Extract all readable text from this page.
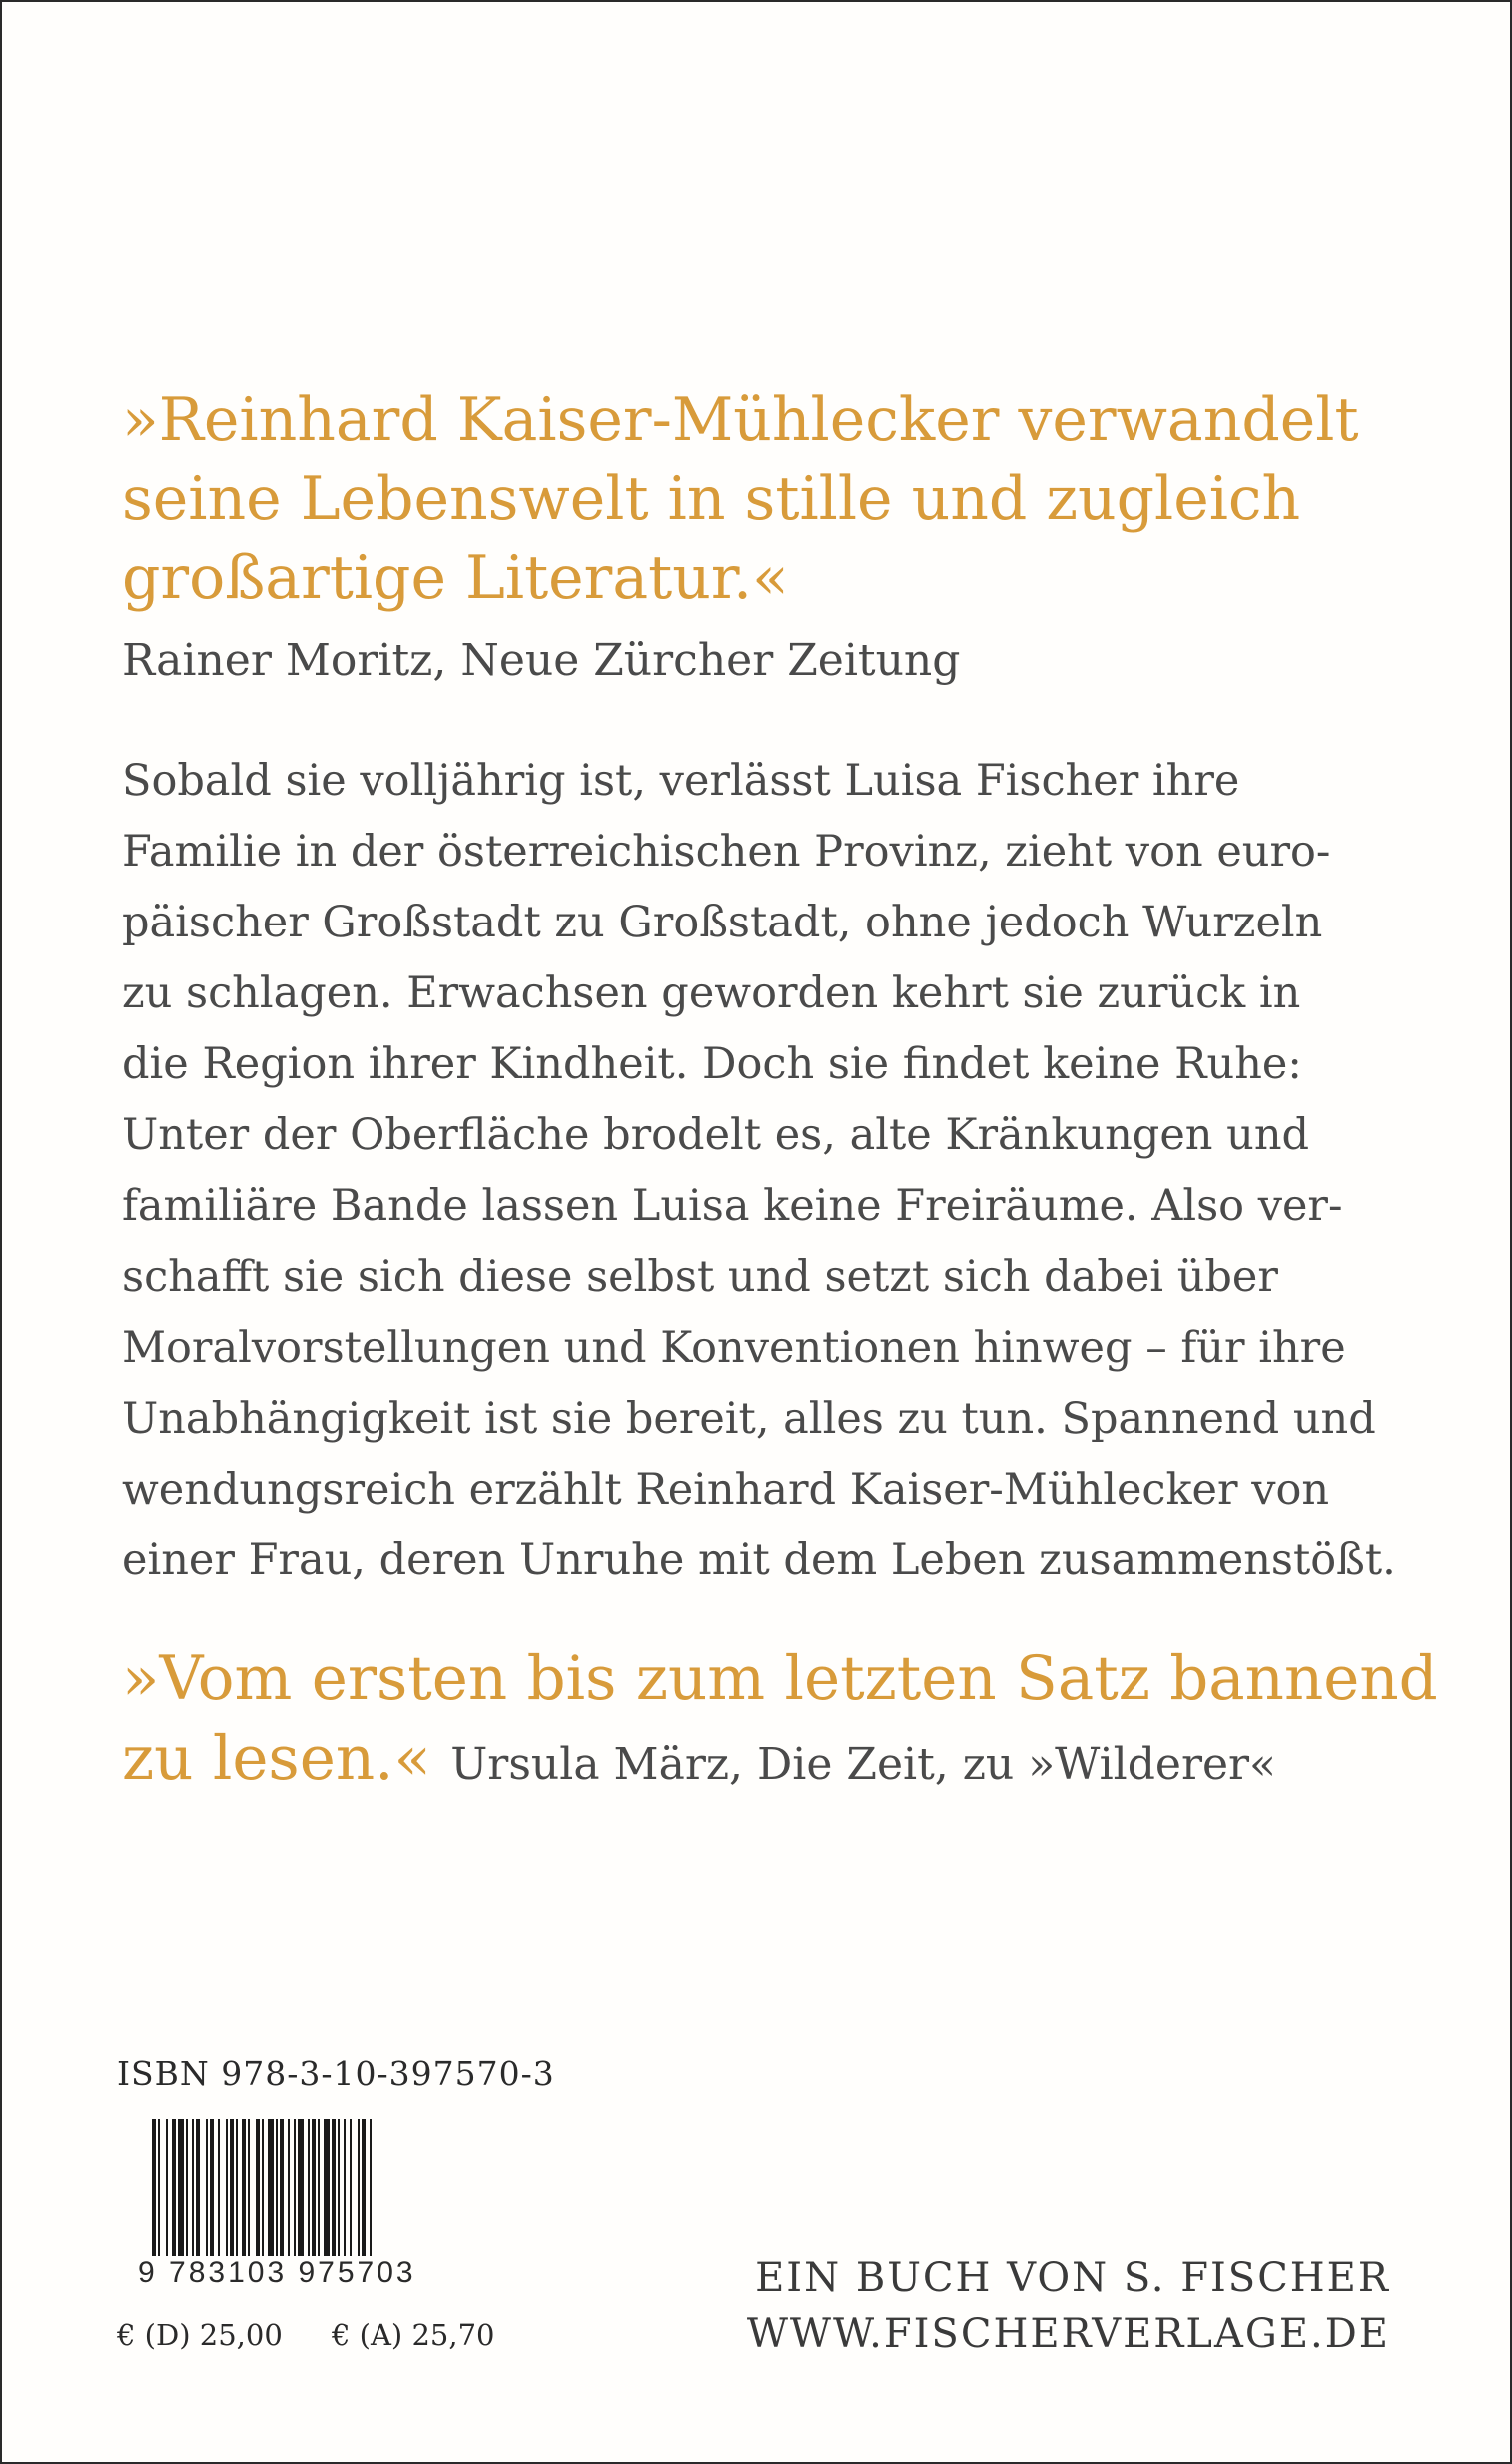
»Reinhard Kaiser-Mühlecker verwandelt
seine Lebenswelt in stille und zugleich
großartige Literatur.«
Rainer Moritz, Neue Zürcher Zeitung
Sobald sie volljährig ist, verlässt Luisa Fischer ihre
Familie in der österreichischen Provinz, zieht von euro-
päischer Großstadt zu Großstadt, ohne jedoch Wurzeln
zu schlagen. Erwachsen geworden kehrt sie zurück in
die Region ihrer Kindheit. Doch sie findet keine Ruhe:
Unter der Oberfläche brodelt es, alte Kränkungen und
familiäre Bande lassen Luisa keine Freiräume. Also ver-
schafft sie sich diese selbst und setzt sich dabei über
Moralvorstellungen und Konventionen hinweg – für ihre
Unabhängigkeit ist sie bereit, alles zu tun. Spannend und
wendungsreich erzählt Reinhard Kaiser-Mühlecker von
einer Frau, deren Unruhe mit dem Leben zusammenstößt.
»Vom ersten bis zum letzten Satz bannend
zu lesen.« Ursula März, Die Zeit, zu »Wilderer«
ISBN 978-3-10-397570-3
9 783103 975703
€ (D) 25,00 € (A) 25,70
EIN BUCH VON S. FISCHER
WWW.FISCHERVERLAGE.DE
